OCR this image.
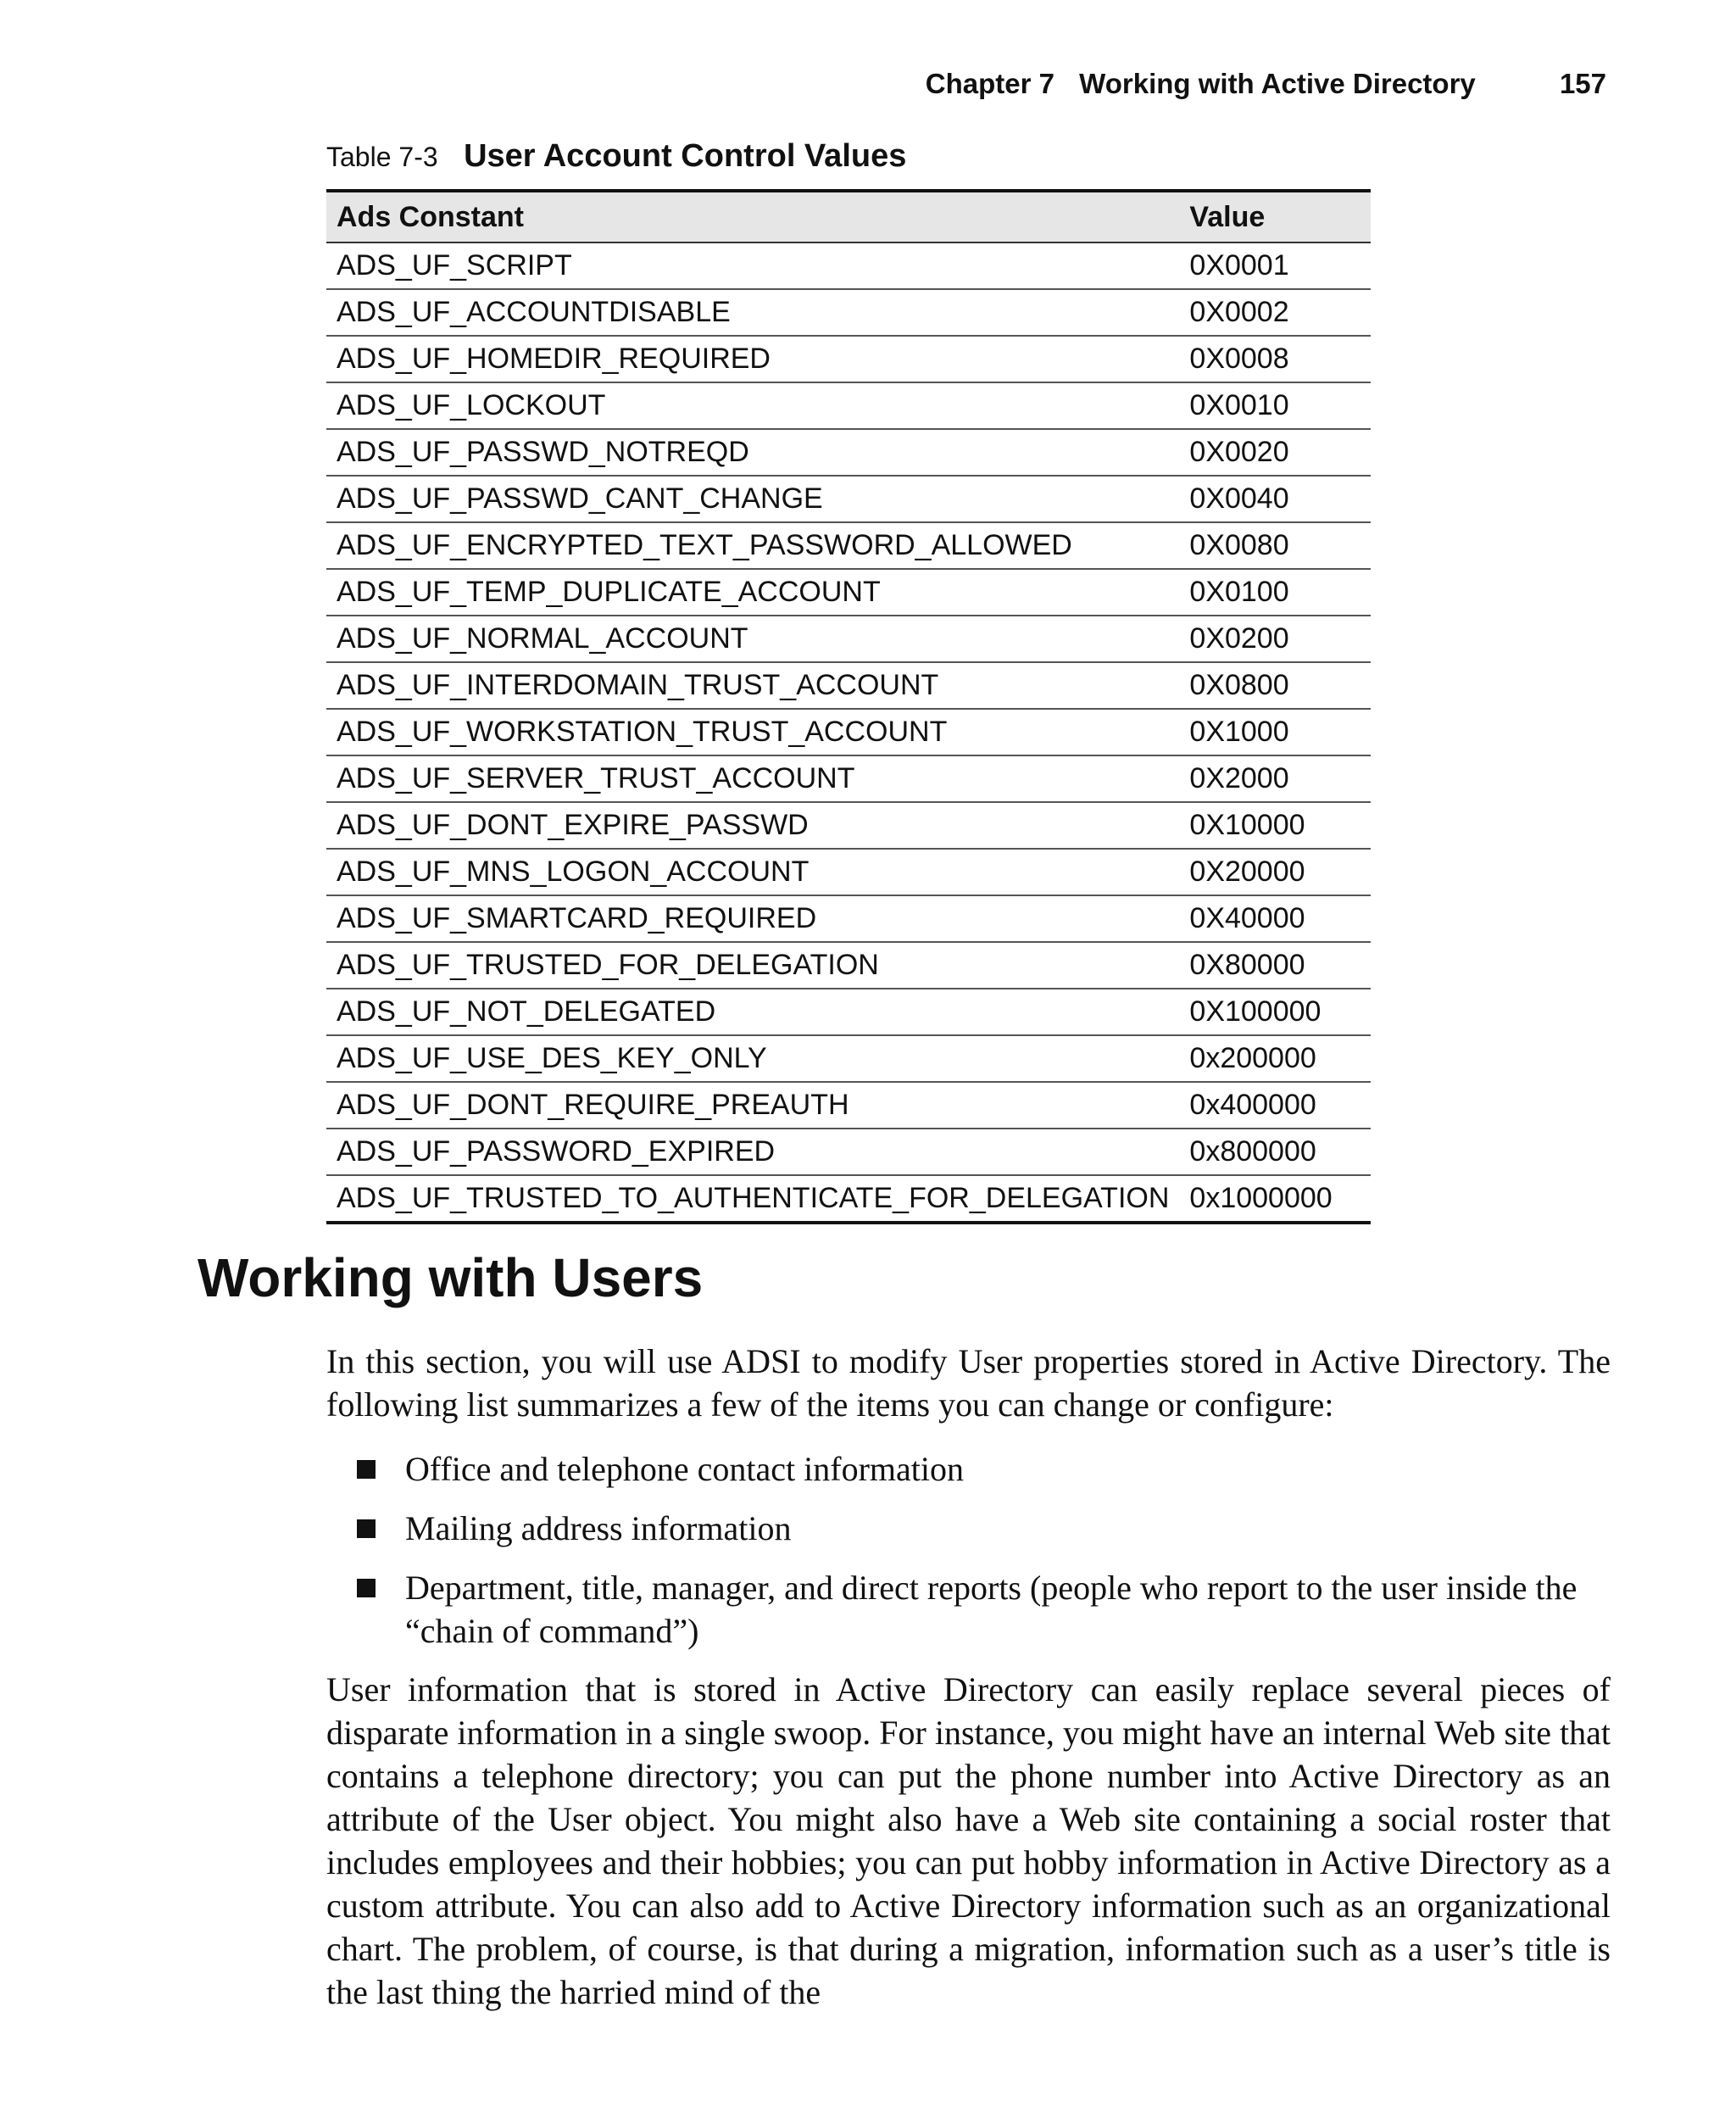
Chapter 7 Working with Active Directory	157
Table 7-3 User Account Control Values
Ads Constant	Value
ADS_UF_SCRIPT	0X0001
ADS_UF_ACCOUNTDISABLE	0X0002
ADS_UF_HOMEDIR_REQUIRED	0X0008
ADS_UF_LOCKOUT	0X0010
ADS_UF_PASSWD_NOTREQD	0X0020
ADS_UF_PASSWD_CANT_CHANGE	0X0040
ADS_UF_ENCRYPTED_TEXT_PASSWORD_ALLOWED	0X0080
ADS_UF_TEMP_DUPLICATE_ACCOUNT	0X0100
ADS_UF_NORMAL_ACCOUNT	0X0200
ADS_UF_INTERDOMAIN_TRUST_ACCOUNT	0X0800
ADS_UF_WORKSTATION_TRUST_ACCOUNT	0X1000
ADS_UF_SERVER_TRUST_ACCOUNT	0X2000
ADS_UF_DONT_EXPIRE_PASSWD	0X10000
ADS_UF_MNS_LOGON_ACCOUNT	0X20000
ADS_UF_SMARTCARD_REQUIRED	0X40000
ADS_UF_TRUSTED_FOR_DELEGATION	0X80000
ADS_UF_NOT_DELEGATED	0X100000
ADS_UF_USE_DES_KEY_ONLY	0x200000
ADS_UF_DONT_REQUIRE_PREAUTH	0x400000
ADS_UF_PASSWORD_EXPIRED	0x800000
ADS_UF_TRUSTED_TO_AUTHENTICATE_FOR_DELEGATION	0x1000000
Working with Users

In this section, you will use ADSI to modify User properties stored in Active Directory. The following list summarizes a few of the items you can change or configure:

Office and telephone contact information
Mailing address information
Department, title, manager, and direct reports (people who report to the user inside the “chain of command”)

User information that is stored in Active Directory can easily replace several pieces of disparate information in a single swoop. For instance, you might have an internal Web site that contains a telephone directory; you can put the phone number into Active Directory as an attribute of the User object. You might also have a Web site containing a social roster that includes employees and their hobbies; you can put hobby information in Active Directory as a custom attribute. You can also add to Active Directory information such as an organizational chart. The problem, of course, is that during a migration, information such as a user’s title is the last thing the harried mind of the
